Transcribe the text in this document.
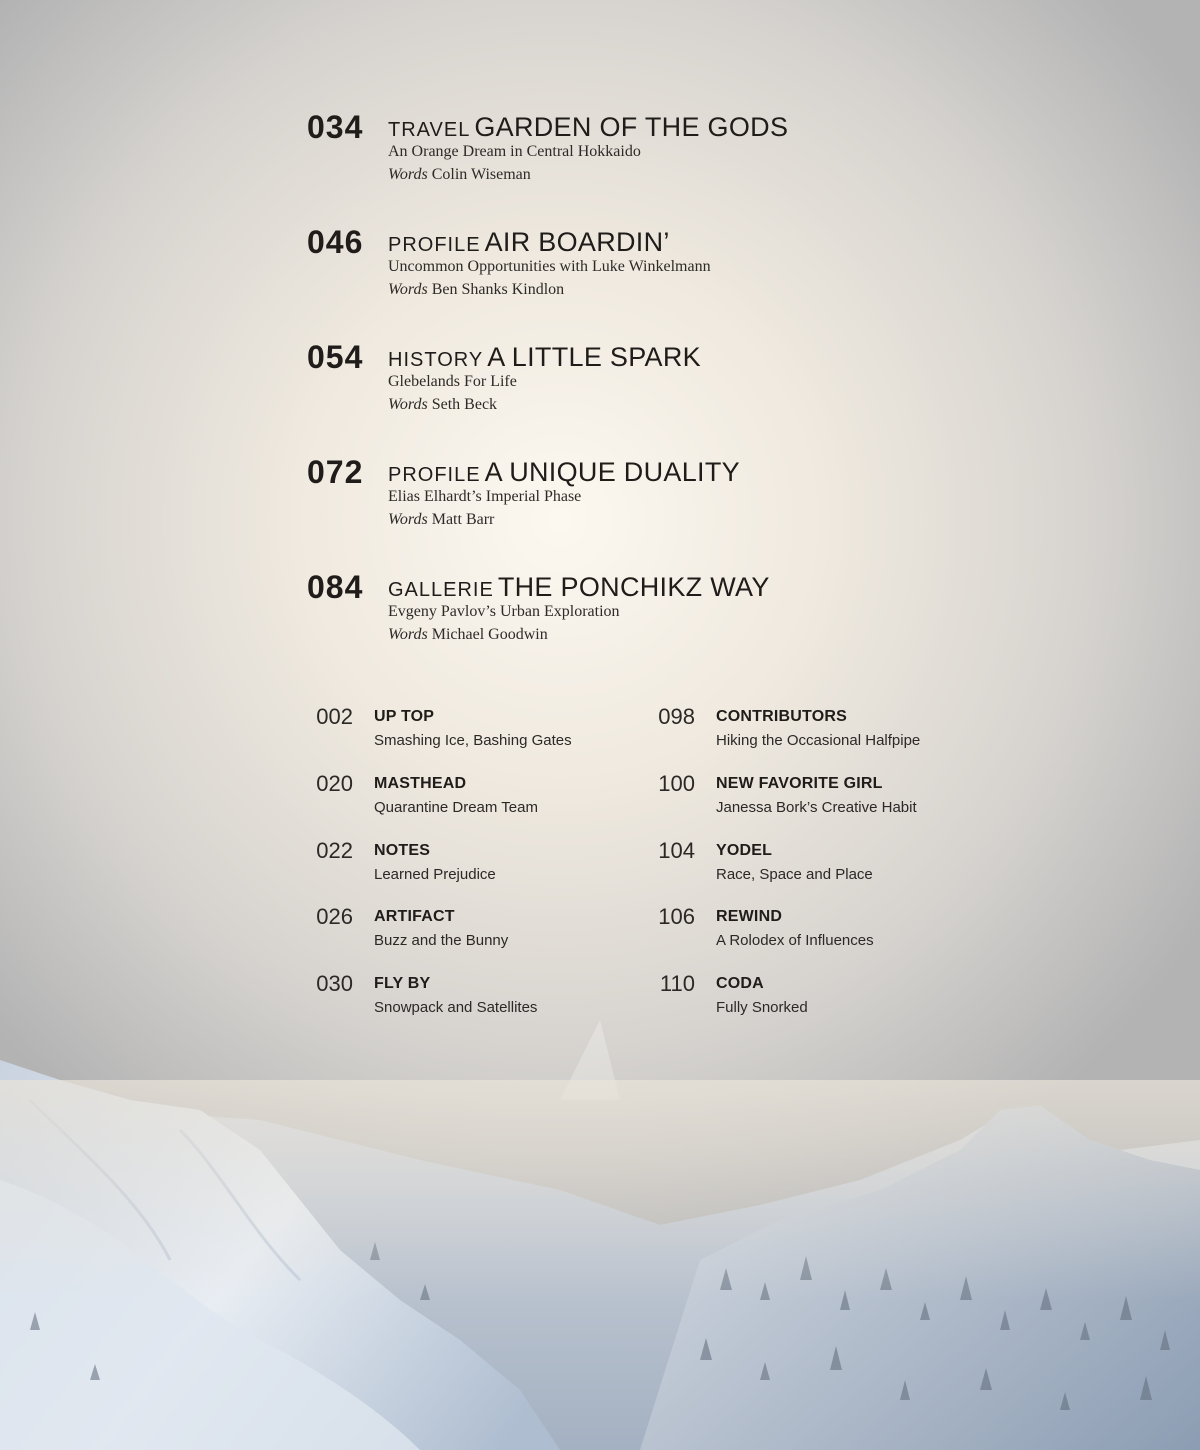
034 TRAVEL GARDEN OF THE GODS
An Orange Dream in Central Hokkaido
Words Colin Wiseman
046 PROFILE AIR BOARDIN’
Uncommon Opportunities with Luke Winkelmann
Words Ben Shanks Kindlon
054 HISTORY A LITTLE SPARK
Glebelands For Life
Words Seth Beck
072 PROFILE A UNIQUE DUALITY
Elias Elhardt’s Imperial Phase
Words Matt Barr
084 GALLERIE THE PONCHIKZ WAY
Evgeny Pavlov’s Urban Exploration
Words Michael Goodwin
002 UP TOP
Smashing Ice, Bashing Gates
020 MASTHEAD
Quarantine Dream Team
022 NOTES
Learned Prejudice
026 ARTIFACT
Buzz and the Bunny
030 FLY BY
Snowpack and Satellites
098 CONTRIBUTORS
Hiking the Occasional Halfpipe
100 NEW FAVORITE GIRL
Janessa Bork’s Creative Habit
104 YODEL
Race, Space and Place
106 REWIND
A Rolodex of Influences
110 CODA
Fully Snorked
